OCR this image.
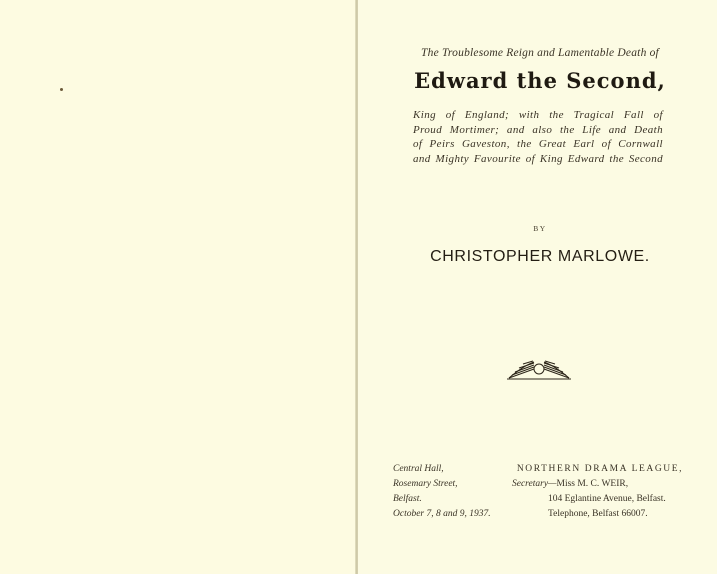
The Troublesome Reign and Lamentable Death of
Edward the Second,
King of England; with the Tragical Fall of
Proud Mortimer; and also the Life and Death
of Peirs Gaveston, the Great Earl of Cornwall
and Mighty Favourite of King Edward the Second
BY
CHRISTOPHER MARLOWE.
Central Hall,
Rosemary Street,
Belfast.
October 7, 8 and 9, 1937.
NORTHERN DRAMA LEAGUE,
Secretary—Miss M. C. WEIR,
104 Eglantine Avenue, Belfast.
Telephone, Belfast 66007.
